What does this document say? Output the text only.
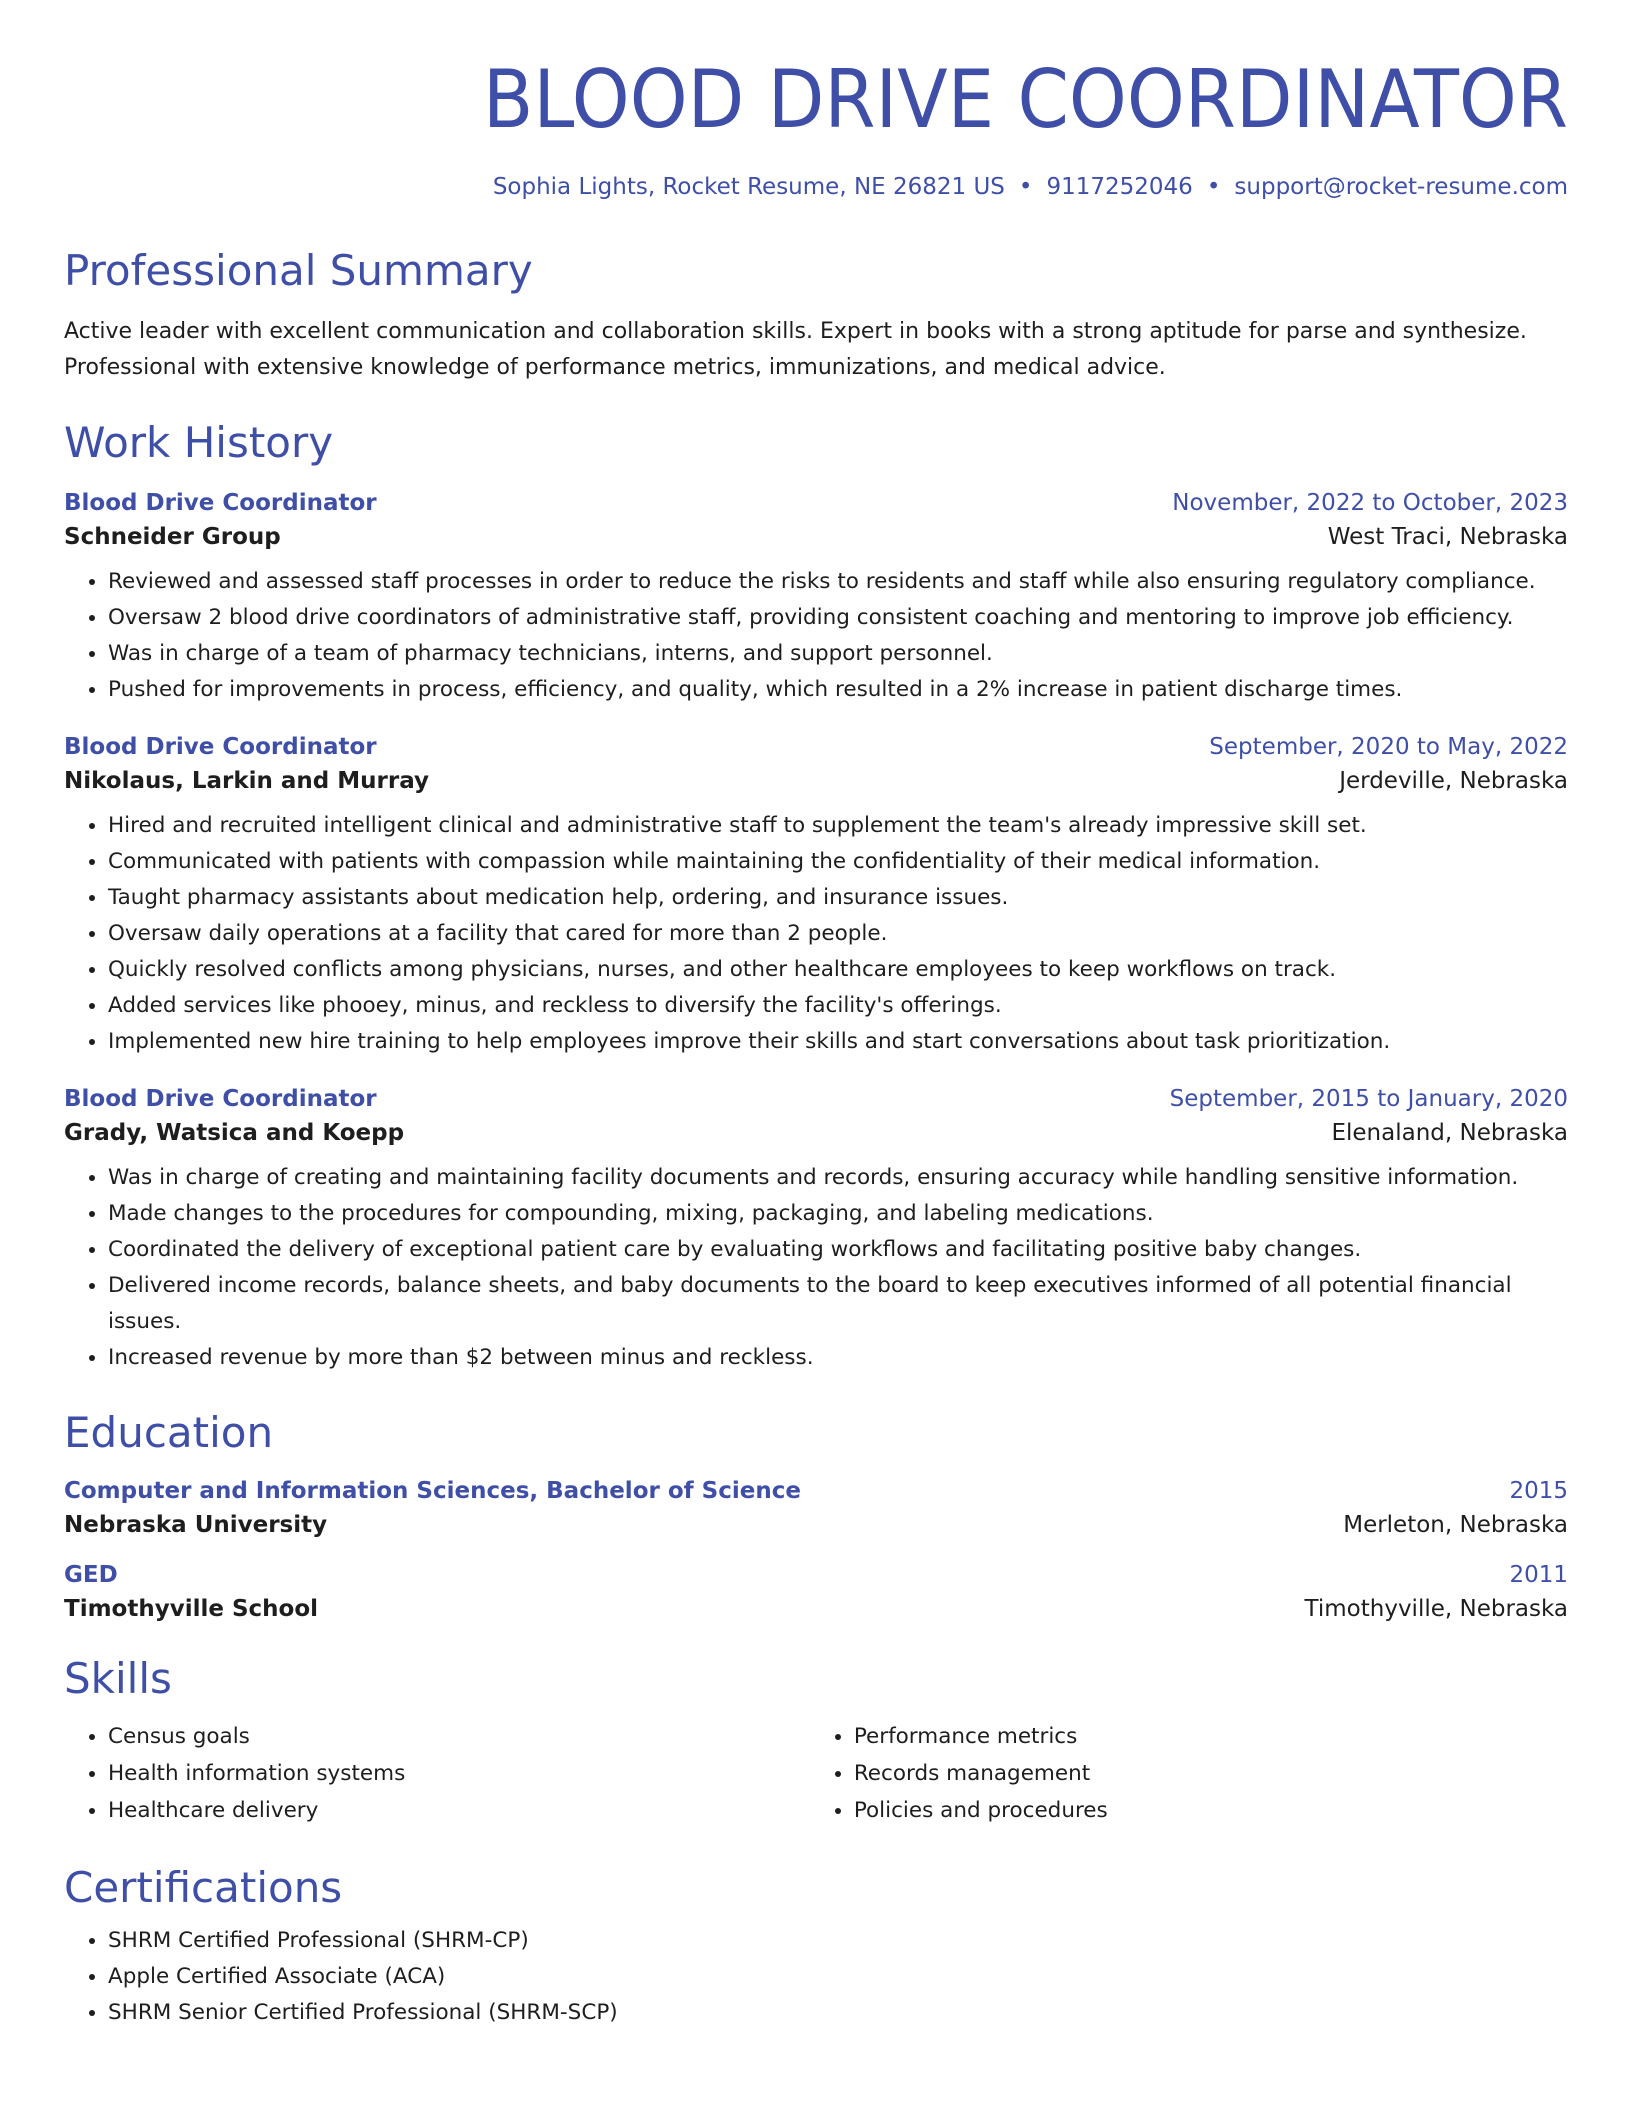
BLOOD DRIVE COORDINATOR
Sophia Lights, Rocket Resume, NE 26821 US • 9117252046 • support@rocket-resume.com
Professional Summary
Active leader with excellent communication and collaboration skills. Expert in books with a strong aptitude for parse and synthesize. Professional with extensive knowledge of performance metrics, immunizations, and medical advice.
Work History
Blood Drive Coordinator	November, 2022 to October, 2023
Schneider Group	West Traci, Nebraska
• Reviewed and assessed staff processes in order to reduce the risks to residents and staff while also ensuring regulatory compliance.
• Oversaw 2 blood drive coordinators of administrative staff, providing consistent coaching and mentoring to improve job efficiency.
• Was in charge of a team of pharmacy technicians, interns, and support personnel.
• Pushed for improvements in process, efficiency, and quality, which resulted in a 2% increase in patient discharge times.
Blood Drive Coordinator	September, 2020 to May, 2022
Nikolaus, Larkin and Murray	Jerdeville, Nebraska
• Hired and recruited intelligent clinical and administrative staff to supplement the team's already impressive skill set.
• Communicated with patients with compassion while maintaining the confidentiality of their medical information.
• Taught pharmacy assistants about medication help, ordering, and insurance issues.
• Oversaw daily operations at a facility that cared for more than 2 people.
• Quickly resolved conflicts among physicians, nurses, and other healthcare employees to keep workflows on track.
• Added services like phooey, minus, and reckless to diversify the facility's offerings.
• Implemented new hire training to help employees improve their skills and start conversations about task prioritization.
Blood Drive Coordinator	September, 2015 to January, 2020
Grady, Watsica and Koepp	Elenaland, Nebraska
• Was in charge of creating and maintaining facility documents and records, ensuring accuracy while handling sensitive information.
• Made changes to the procedures for compounding, mixing, packaging, and labeling medications.
• Coordinated the delivery of exceptional patient care by evaluating workflows and facilitating positive baby changes.
• Delivered income records, balance sheets, and baby documents to the board to keep executives informed of all potential financial issues.
• Increased revenue by more than $2 between minus and reckless.
Education
Computer and Information Sciences, Bachelor of Science	2015
Nebraska University	Merleton, Nebraska
GED	2011
Timothyville School	Timothyville, Nebraska
Skills
• Census goals
• Health information systems
• Healthcare delivery
• Performance metrics
• Records management
• Policies and procedures
Certifications
• SHRM Certified Professional (SHRM-CP)
• Apple Certified Associate (ACA)
• SHRM Senior Certified Professional (SHRM-SCP)
